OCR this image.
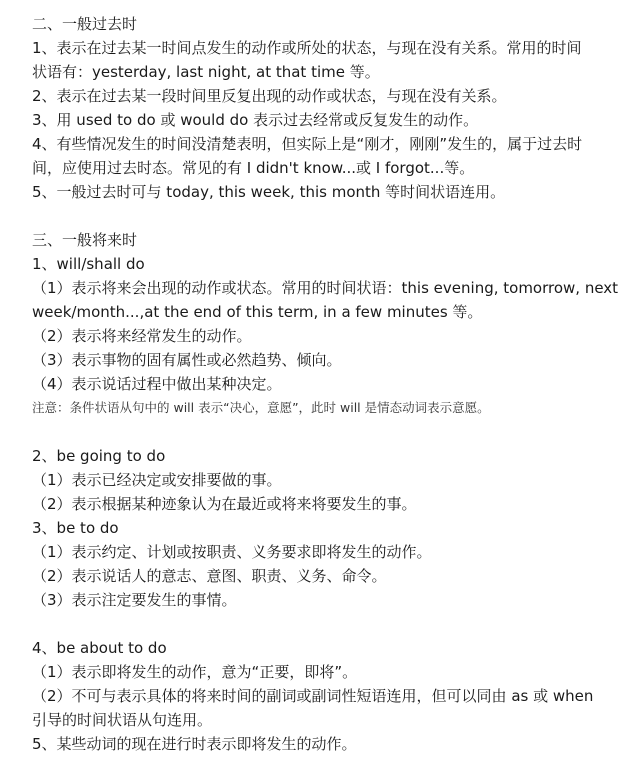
二、一般过去时
1、表示在过去某一时间点发生的动作或所处的状态，与现在没有关系。常用的时间
状语有：yesterday, last night, at that time 等。
2、表示在过去某一段时间里反复出现的动作或状态，与现在没有关系。
3、用 used to do 或 would do 表示过去经常或反复发生的动作。
4、有些情况发生的时间没清楚表明，但实际上是“刚才，刚刚”发生的，属于过去时
间，应使用过去时态。常见的有 I didn't know...或 I forgot...等。
5、一般过去时可与 today, this week, this month 等时间状语连用。
三、一般将来时
1、will/shall do
（1）表示将来会出现的动作或状态。常用的时间状语：this evening, tomorrow, next
week/month...,at the end of this term, in a few minutes 等。
（2）表示将来经常发生的动作。
（3）表示事物的固有属性或必然趋势、倾向。
（4）表示说话过程中做出某种决定。
注意：条件状语从句中的 will 表示“决心，意愿”，此时 will 是情态动词表示意愿。
2、be going to do
（1）表示已经决定或安排要做的事。
（2）表示根据某种迹象认为在最近或将来将要发生的事。
3、be to do
（1）表示约定、计划或按职责、义务要求即将发生的动作。
（2）表示说话人的意志、意图、职责、义务、命令。
（3）表示注定要发生的事情。
4、be about to do
（1）表示即将发生的动作，意为“正要，即将”。
（2）不可与表示具体的将来时间的副词或副词性短语连用，但可以同由 as 或 when
引导的时间状语从句连用。
5、某些动词的现在进行时表示即将发生的动作。
